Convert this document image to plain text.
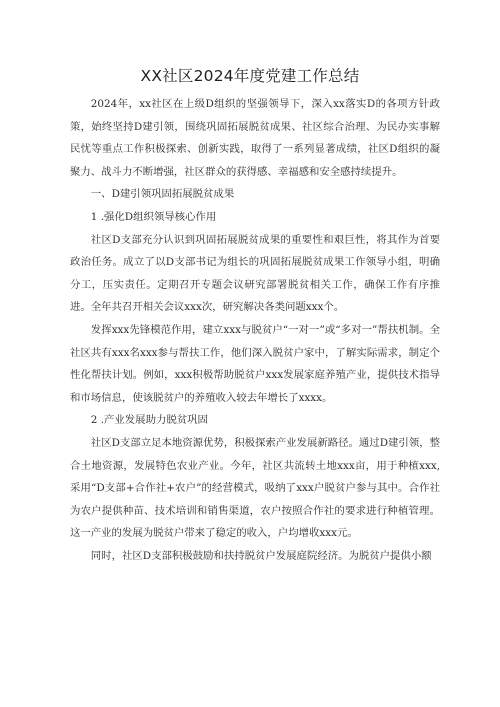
XX社区2024年度党建工作总结

2024年，xx社区在上级D组织的坚强领导下，深入xx落实D的各项方针政策，始终坚持D建引领，围绕巩固拓展脱贫成果、社区综合治理、为民办实事解民忧等重点工作积极探索、创新实践，取得了一系列显著成绩，社区D组织的凝聚力、战斗力不断增强，社区群众的获得感、幸福感和安全感持续提升。

一、D建引领巩固拓展脱贫成果

1 .强化D组织领导核心作用

社区D支部充分认识到巩固拓展脱贫成果的重要性和艰巨性，将其作为首要政治任务。成立了以D支部书记为组长的巩固拓展脱贫成果工作领导小组，明确分工，压实责任。定期召开专题会议研究部署脱贫相关工作，确保工作有序推进。全年共召开相关会议xxx次，研究解决各类问题xxx个。

发挥xxx先锋模范作用，建立xxx与脱贫户“一对一”或“多对一”帮扶机制。全社区共有xxx名xxx参与帮扶工作，他们深入脱贫户家中，了解实际需求，制定个性化帮扶计划。例如，xxx积极帮助脱贫户xxx发展家庭养殖产业，提供技术指导和市场信息，使该脱贫户的养殖收入较去年增长了xxxx。

2 .产业发展助力脱贫巩固

社区D支部立足本地资源优势，积极探索产业发展新路径。通过D建引领，整合土地资源，发展特色农业产业。今年，社区共流转土地xxx亩，用于种植xxx,采用“D支部+合作社+农户”的经营模式，吸纳了xxx户脱贫户参与其中。合作社为农户提供种苗、技术培训和销售渠道，农户按照合作社的要求进行种植管理。这一产业的发展为脱贫户带来了稳定的收入，户均增收xxx元。

同时，社区D支部积极鼓励和扶持脱贫户发展庭院经济。为脱贫户提供小额
